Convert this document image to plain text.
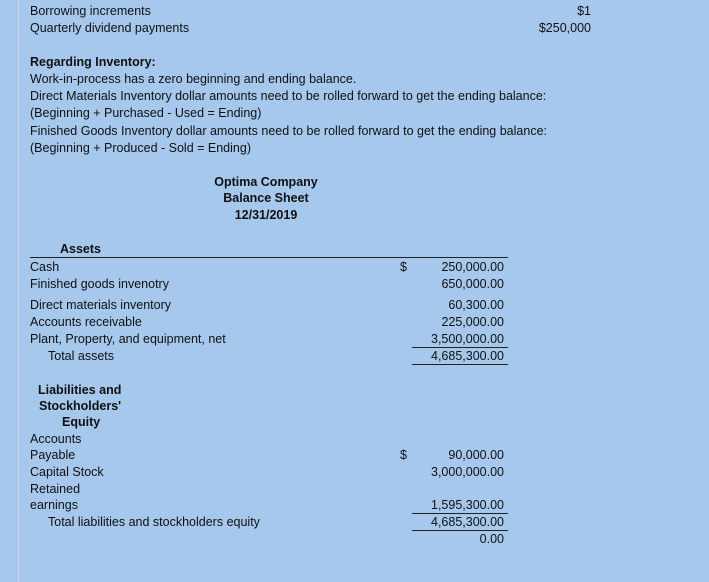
Borrowing increments	$1
Quarterly dividend payments	$250,000
Regarding Inventory:
Work-in-process has a zero beginning and ending balance.
Direct Materials Inventory dollar amounts need to be rolled forward to get the ending balance:
(Beginning + Purchased - Used = Ending)
Finished Goods Inventory dollar amounts need to be rolled forward to get the ending balance:
(Beginning + Produced - Sold = Ending)
Optima Company
Balance Sheet
12/31/2019
Assets
Cash	$	250,000.00
Finished goods invenotry	650,000.00
Direct materials inventory	60,300.00
Accounts receivable	225,000.00
Plant, Property, and equipment, net	3,500,000.00
Total assets	4,685,300.00
Liabilities and
Stockholders'
Equity
Accounts
Payable	$	90,000.00
Capital Stock	3,000,000.00
Retained
earnings	1,595,300.00
Total liabilities and stockholders equity	4,685,300.00
0.00
